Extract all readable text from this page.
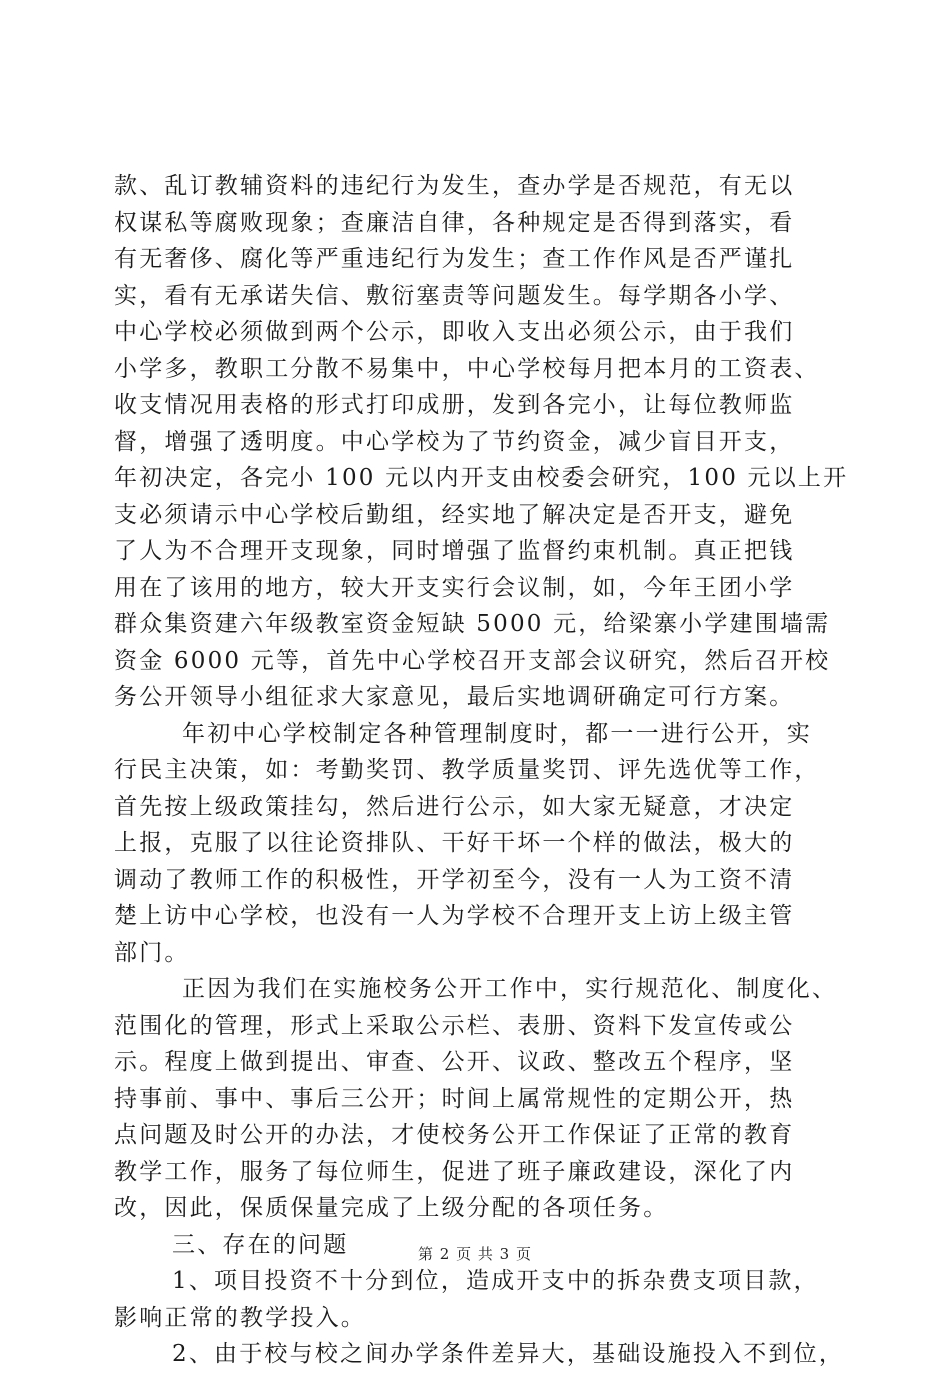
款、乱订教辅资料的违纪行为发生，查办学是否规范，有无以
权谋私等腐败现象；查廉洁自律，各种规定是否得到落实，看
有无奢侈、腐化等严重违纪行为发生；查工作作风是否严谨扎
实，看有无承诺失信、敷衍塞责等问题发生。每学期各小学、
中心学校必须做到两个公示，即收入支出必须公示，由于我们
小学多，教职工分散不易集中，中心学校每月把本月的工资表、
收支情况用表格的形式打印成册，发到各完小，让每位教师监
督，增强了透明度。中心学校为了节约资金，减少盲目开支，
年初决定，各完小 100 元以内开支由校委会研究，100 元以上开
支必须请示中心学校后勤组，经实地了解决定是否开支，避免
了人为不合理开支现象，同时增强了监督约束机制。真正把钱
用在了该用的地方，较大开支实行会议制，如，今年王团小学
群众集资建六年级教室资金短缺 5000 元，给梁寨小学建围墙需
资金 6000 元等，首先中心学校召开支部会议研究，然后召开校
务公开领导小组征求大家意见，最后实地调研确定可行方案。
年初中心学校制定各种管理制度时，都一一进行公开，实
行民主决策，如：考勤奖罚、教学质量奖罚、评先选优等工作，
首先按上级政策挂勾，然后进行公示，如大家无疑意，才决定
上报，克服了以往论资排队、干好干坏一个样的做法，极大的
调动了教师工作的积极性，开学初至今，没有一人为工资不清
楚上访中心学校，也没有一人为学校不合理开支上访上级主管
部门。
正因为我们在实施校务公开工作中，实行规范化、制度化、
范围化的管理，形式上采取公示栏、表册、资料下发宣传或公
示。程度上做到提出、审查、公开、议政、整改五个程序，坚
持事前、事中、事后三公开；时间上属常规性的定期公开，热
点问题及时公开的办法，才使校务公开工作保证了正常的教育
教学工作，服务了每位师生，促进了班子廉政建设，深化了内
改，因此，保质保量完成了上级分配的各项任务。
三、存在的问题
1、项目投资不十分到位，造成开支中的拆杂费支项目款，
影响正常的教学投入。
2、由于校与校之间办学条件差异大，基础设施投入不到位，
第 2 页 共 3 页
